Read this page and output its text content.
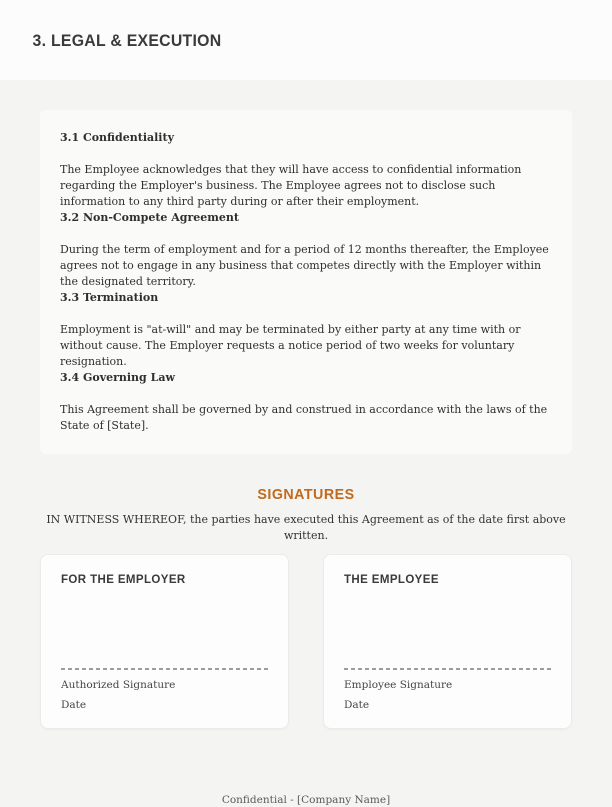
3. LEGAL & EXECUTION
3.1 Confidentiality

The Employee acknowledges that they will have access to confidential information regarding the Employer's business. The Employee agrees not to disclose such information to any third party during or after their employment.

3.2 Non-Compete Agreement

During the term of employment and for a period of 12 months thereafter, the Employee agrees not to engage in any business that competes directly with the Employer within the designated territory.

3.3 Termination

Employment is "at-will" and may be terminated by either party at any time with or without cause. The Employer requests a notice period of two weeks for voluntary resignation.

3.4 Governing Law

This Agreement shall be governed by and construed in accordance with the laws of the State of [State].

SIGNATURES

IN WITNESS WHEREOF, the parties have executed this Agreement as of the date first above written.

FOR THE EMPLOYER
Authorized Signature
Date
THE EMPLOYEE
Employee Signature
Date
Confidential - [Company Name]
